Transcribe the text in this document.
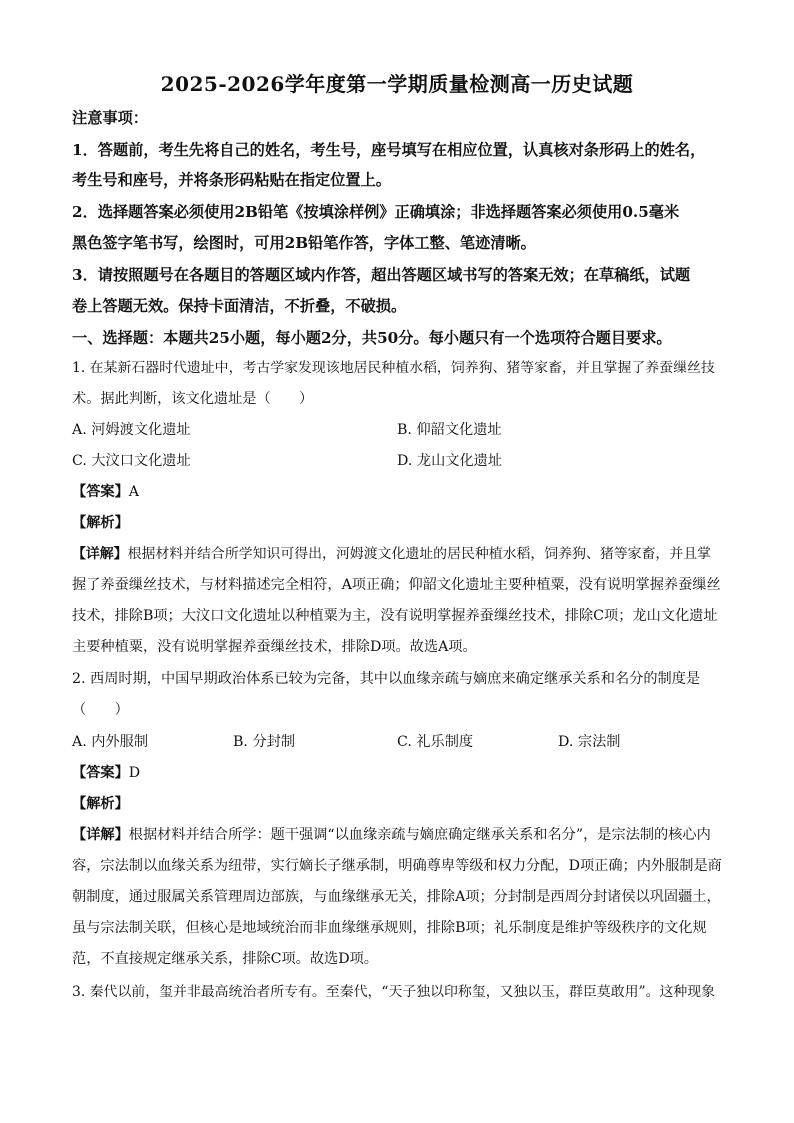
2025-2026学年度第一学期质量检测高一历史试题
注意事项：
1．答题前，考生先将自己的姓名，考生号，座号填写在相应位置，认真核对条形码上的姓名，
考生号和座号，并将条形码粘贴在指定位置上。
2．选择题答案必须使用2B铅笔《按填涂样例》正确填涂；非选择题答案必须使用0.5毫米
黑色签字笔书写，绘图时，可用2B铅笔作答，字体工整、笔迹清晰。
3．请按照题号在各题目的答题区域内作答，超出答题区域书写的答案无效；在草稿纸，试题
卷上答题无效。保持卡面清洁，不折叠，不破损。
一、选择题：本题共25小题，每小题2分，共50分。每小题只有一个选项符合题目要求。
1. 在某新石器时代遗址中，考古学家发现该地居民种植水稻，饲养狗、猪等家畜，并且掌握了养蚕缫丝技
术。据此判断，该文化遗址是（　　）
A. 河姆渡文化遗址	B. 仰韶文化遗址
C. 大汶口文化遗址	D. 龙山文化遗址
【答案】A
【解析】
【详解】根据材料并结合所学知识可得出，河姆渡文化遗址的居民种植水稻，饲养狗、猪等家畜，并且掌
握了养蚕缫丝技术，与材料描述完全相符，A项正确；仰韶文化遗址主要种植粟，没有说明掌握养蚕缫丝
技术，排除B项；大汶口文化遗址以种植粟为主，没有说明掌握养蚕缫丝技术，排除C项；龙山文化遗址
主要种植粟，没有说明掌握养蚕缫丝技术，排除D项。故选A项。
2. 西周时期，中国早期政治体系已较为完备，其中以血缘亲疏与嫡庶来确定继承关系和名分的制度是
（　　）
A. 内外服制	B. 分封制	C. 礼乐制度	D. 宗法制
【答案】D
【解析】
【详解】根据材料并结合所学：题干强调“以血缘亲疏与嫡庶确定继承关系和名分”，是宗法制的核心内
容，宗法制以血缘关系为纽带，实行嫡长子继承制，明确尊卑等级和权力分配，D项正确；内外服制是商
朝制度，通过服属关系管理周边部族，与血缘继承无关，排除A项；分封制是西周分封诸侯以巩固疆土，
虽与宗法制关联，但核心是地域统治而非血缘继承规则，排除B项；礼乐制度是维护等级秩序的文化规
范，不直接规定继承关系，排除C项。故选D项。
3. 秦代以前，玺并非最高统治者所专有。至秦代，“天子独以印称玺，又独以玉，群臣莫敢用”。这种现象
